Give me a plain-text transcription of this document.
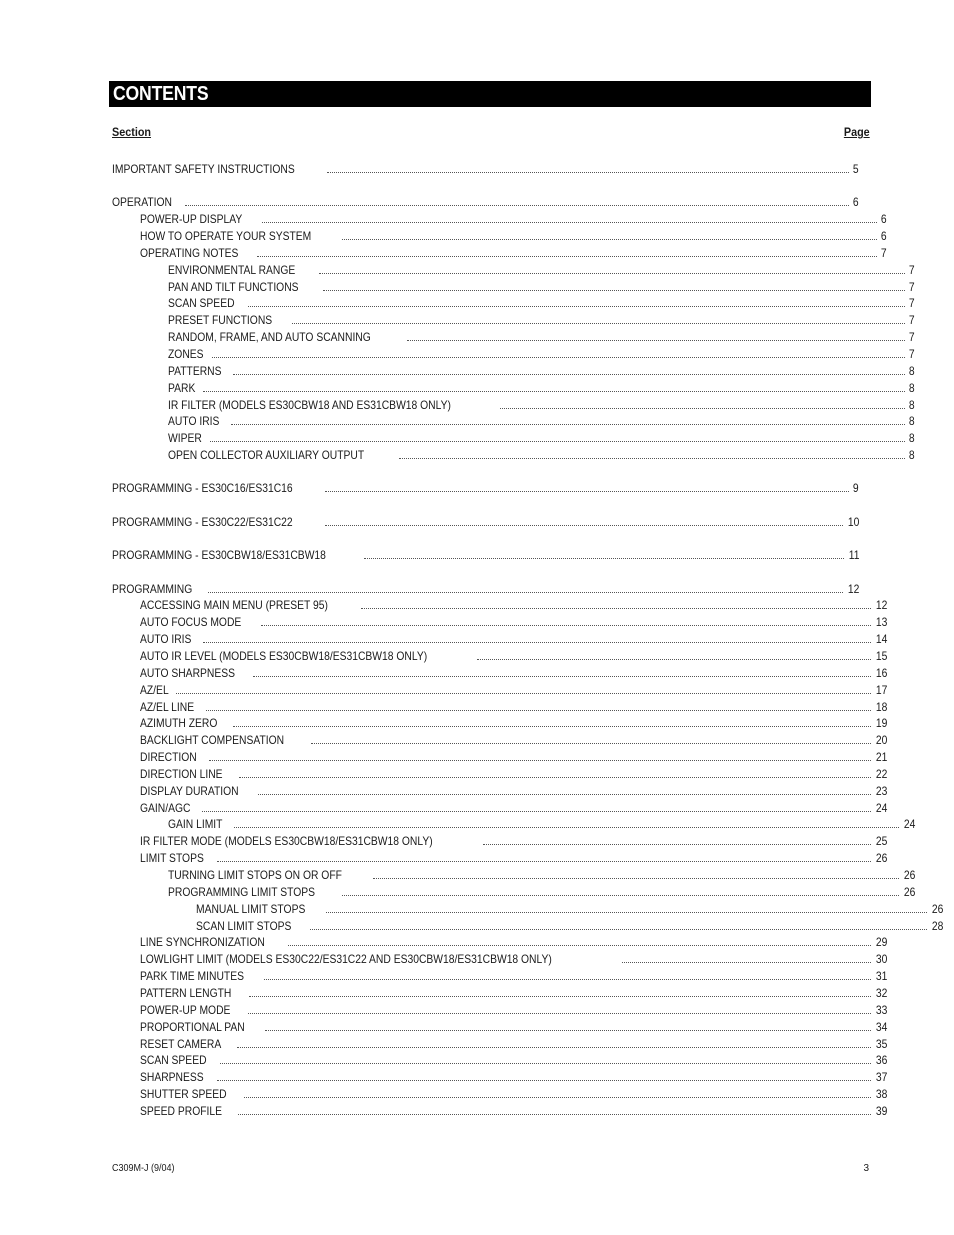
CONTENTS
Section	Page
IMPORTANT SAFETY INSTRUCTIONS	5
OPERATION	6
POWER-UP DISPLAY	6
HOW TO OPERATE YOUR SYSTEM	6
OPERATING NOTES	7
ENVIRONMENTAL RANGE	7
PAN AND TILT FUNCTIONS	7
SCAN SPEED	7
PRESET FUNCTIONS	7
RANDOM, FRAME, AND AUTO SCANNING	7
ZONES	7
PATTERNS	8
PARK	8
IR FILTER (MODELS ES30CBW18 AND ES31CBW18 ONLY)	8
AUTO IRIS	8
WIPER	8
OPEN COLLECTOR AUXILIARY OUTPUT	8
PROGRAMMING - ES30C16/ES31C16	9
PROGRAMMING - ES30C22/ES31C22	10
PROGRAMMING - ES30CBW18/ES31CBW18	11
PROGRAMMING	12
ACCESSING MAIN MENU (PRESET 95)	12
AUTO FOCUS MODE	13
AUTO IRIS	14
AUTO IR LEVEL (MODELS ES30CBW18/ES31CBW18 ONLY)	15
AUTO SHARPNESS	16
AZ/EL	17
AZ/EL LINE	18
AZIMUTH ZERO	19
BACKLIGHT COMPENSATION	20
DIRECTION	21
DIRECTION LINE	22
DISPLAY DURATION	23
GAIN/AGC	24
GAIN LIMIT	24
IR FILTER MODE (MODELS ES30CBW18/ES31CBW18 ONLY)	25
LIMIT STOPS	26
TURNING LIMIT STOPS ON OR OFF	26
PROGRAMMING LIMIT STOPS	26
MANUAL LIMIT STOPS	26
SCAN LIMIT STOPS	28
LINE SYNCHRONIZATION	29
LOWLIGHT LIMIT (MODELS ES30C22/ES31C22 AND ES30CBW18/ES31CBW18 ONLY)	30
PARK TIME MINUTES	31
PATTERN LENGTH	32
POWER-UP MODE	33
PROPORTIONAL PAN	34
RESET CAMERA	35
SCAN SPEED	36
SHARPNESS	37
SHUTTER SPEED	38
SPEED PROFILE	39
C309M-J (9/04)	3
